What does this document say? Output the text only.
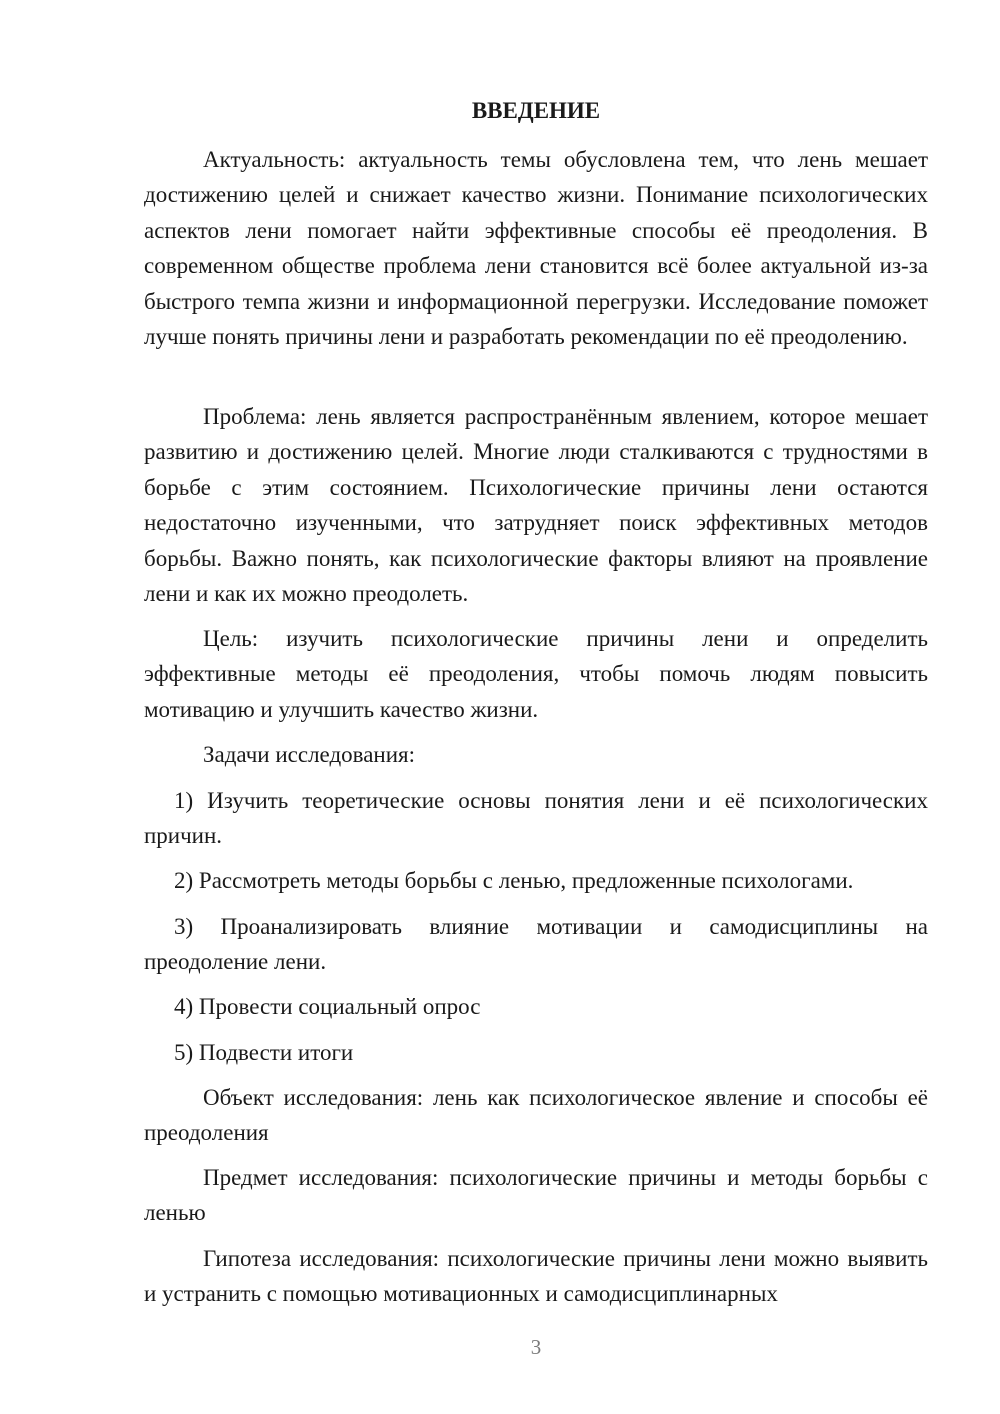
ВВЕДЕНИЕ

Актуальность: актуальность темы обусловлена тем, что лень мешает достижению целей и снижает качество жизни. Понимание психологических аспектов лени помогает найти эффективные способы её преодоления. В современном обществе проблема лени становится всё более актуальной из-за быстрого темпа жизни и информационной перегрузки. Исследование поможет лучше понять причины лени и разработать рекомендации по её преодолению.

Проблема: лень является распространённым явлением, которое мешает развитию и достижению целей. Многие люди сталкиваются с трудностями в борьбе с этим состоянием. Психологические причины лени остаются недостаточно изученными, что затрудняет поиск эффективных методов борьбы. Важно понять, как психологические факторы влияют на проявление лени и как их можно преодолеть.

Цель: изучить психологические причины лени и определить эффективные методы её преодоления, чтобы помочь людям повысить мотивацию и улучшить качество жизни.

Задачи исследования:

1) Изучить теоретические основы понятия лени и её психологических причин.

2) Рассмотреть методы борьбы с ленью, предложенные психологами.

3) Проанализировать влияние мотивации и самодисциплины на преодоление лени.

4) Провести социальный опрос

5) Подвести итоги

Объект исследования: лень как психологическое явление и способы её преодоления

Предмет исследования: психологические причины и методы борьбы с ленью

Гипотеза исследования: психологические причины лени можно выявить и устранить с помощью мотивационных и самодисциплинарных

3
